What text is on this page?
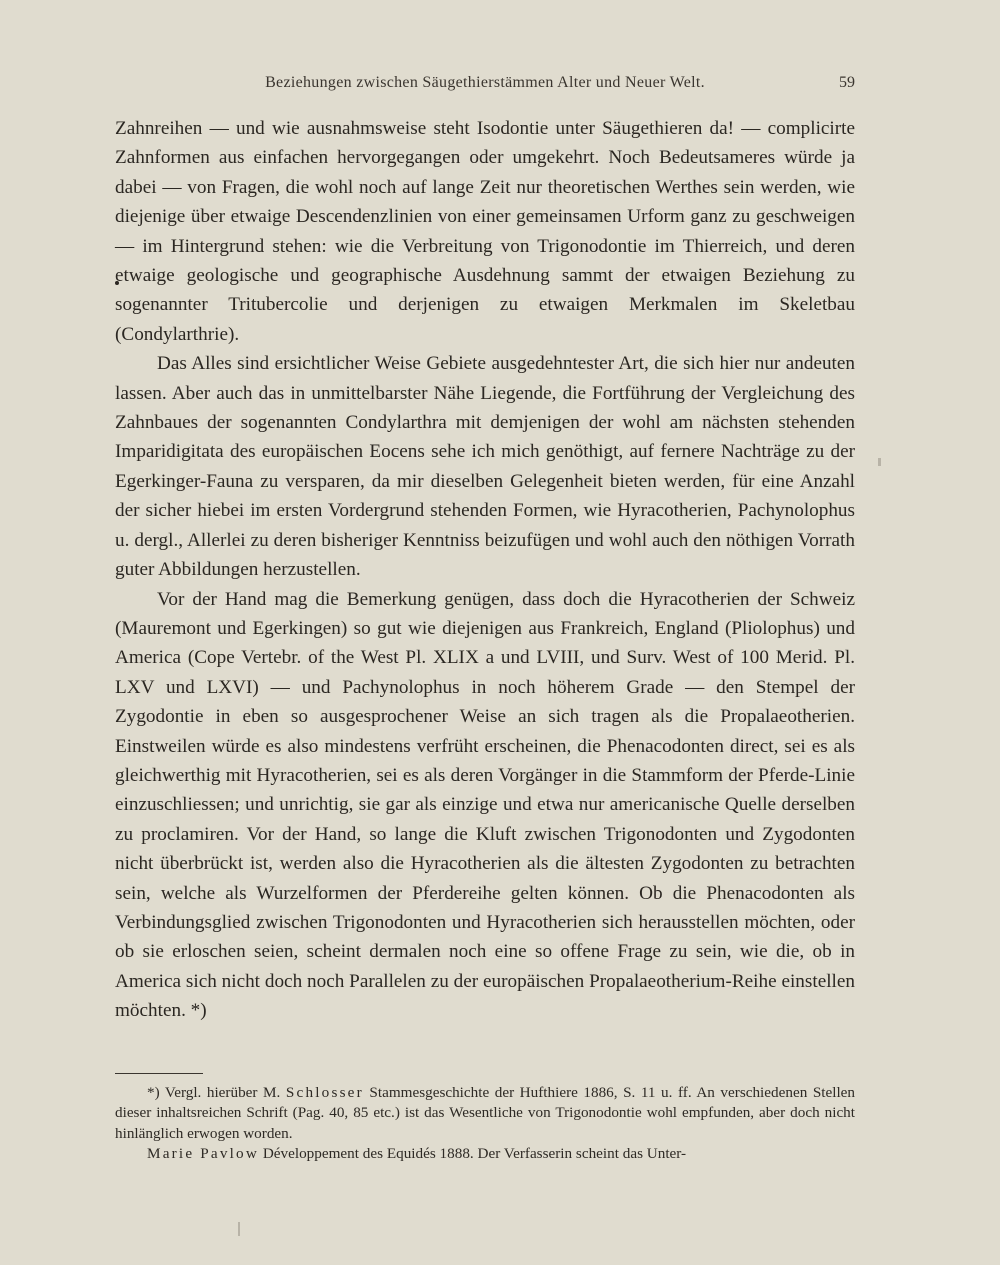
Beziehungen zwischen Säugethierstämmen Alter und Neuer Welt.	59

Zahnreihen — und wie ausnahmsweise steht Isodontie unter Säugethieren da! — complicirte Zahnformen aus einfachen hervorgegangen oder umgekehrt. Noch Bedeutsameres würde ja dabei — von Fragen, die wohl noch auf lange Zeit nur theoretischen Werthes sein werden, wie diejenige über etwaige Descendenzlinien von einer gemeinsamen Urform ganz zu geschweigen — im Hintergrund stehen: wie die Verbreitung von Trigonodontie im Thierreich, und deren etwaige geologische und geographische Ausdehnung sammt der etwaigen Beziehung zu sogenannter Tritubercolie und derjenigen zu etwaigen Merkmalen im Skeletbau (Condylarthrie).

Das Alles sind ersichtlicher Weise Gebiete ausgedehntester Art, die sich hier nur andeuten lassen. Aber auch das in unmittelbarster Nähe Liegende, die Fortführung der Vergleichung des Zahnbaues der sogenannten Condylarthra mit demjenigen der wohl am nächsten stehenden Imparidigitata des europäischen Eocens sehe ich mich genöthigt, auf fernere Nachträge zu der Egerkinger-Fauna zu versparen, da mir dieselben Gelegenheit bieten werden, für eine Anzahl der sicher hiebei im ersten Vordergrund stehenden Formen, wie Hyracotherien, Pachynolophus u. dergl., Allerlei zu deren bisheriger Kenntniss beizufügen und wohl auch den nöthigen Vorrath guter Abbildungen herzustellen.

Vor der Hand mag die Bemerkung genügen, dass doch die Hyracotherien der Schweiz (Mauremont und Egerkingen) so gut wie diejenigen aus Frankreich, England (Pliolophus) und America (Cope Vertebr. of the West Pl. XLIX a und LVIII, und Surv. West of 100 Merid. Pl. LXV und LXVI) — und Pachynolophus in noch höherem Grade — den Stempel der Zygodontie in eben so ausgesprochener Weise an sich tragen als die Propalaeotherien. Einstweilen würde es also mindestens verfrüht erscheinen, die Phenacodonten direct, sei es als gleichwerthig mit Hyracotherien, sei es als deren Vorgänger in die Stammform der Pferde-Linie einzuschliessen; und unrichtig, sie gar als einzige und etwa nur americanische Quelle derselben zu proclamiren. Vor der Hand, so lange die Kluft zwischen Trigonodonten und Zygodonten nicht überbrückt ist, werden also die Hyracotherien als die ältesten Zygodonten zu betrachten sein, welche als Wurzelformen der Pferdereihe gelten können. Ob die Phenacodonten als Verbindungsglied zwischen Trigonodonten und Hyracotherien sich herausstellen möchten, oder ob sie erloschen seien, scheint dermalen noch eine so offene Frage zu sein, wie die, ob in America sich nicht doch noch Parallelen zu der europäischen Propalaeotherium-Reihe einstellen möchten. *)

*) Vergl. hierüber M. Schlosser Stammesgeschichte der Hufthiere 1886, S. 11 u. ff. An verschiedenen Stellen dieser inhaltsreichen Schrift (Pag. 40, 85 etc.) ist das Wesentliche von Trigonodontie wohl empfunden, aber doch nicht hinlänglich erwogen worden.

Marie Pavlow Développement des Equidés 1888. Der Verfasserin scheint das Unter-
